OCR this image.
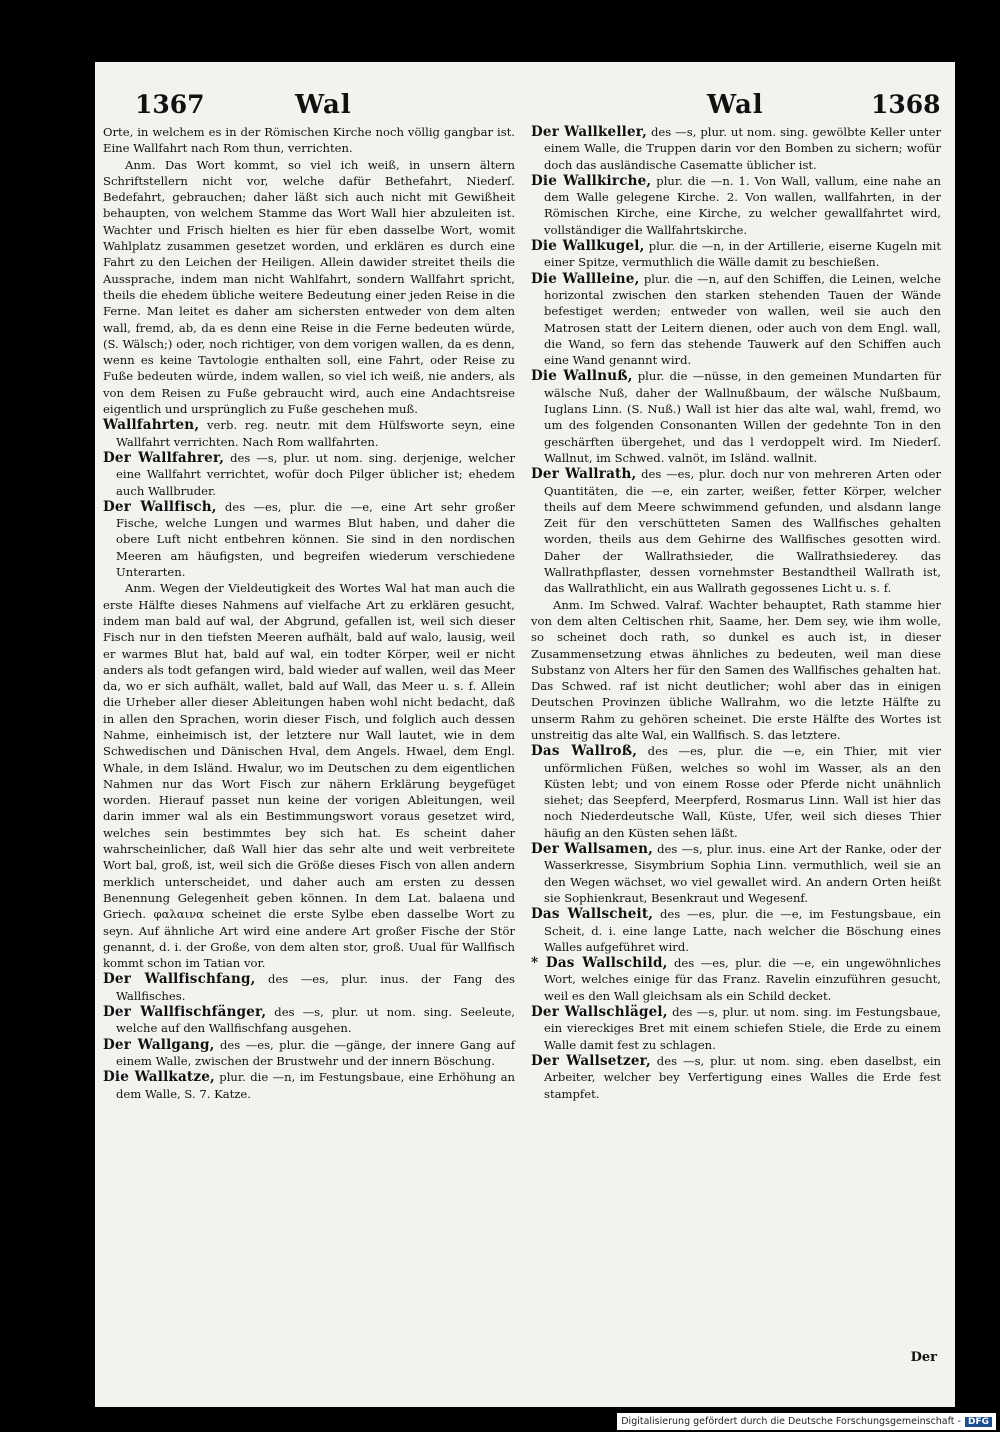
1367	Wal	Wal	1368

Orte, in welchem es in der Römischen Kirche noch völlig gangbar ist. Eine Wallfahrt nach Rom thun, verrichten.

Anm. Das Wort kommt, so viel ich weiß, in unsern ältern Schriftstellern nicht vor, welche dafür Bethefahrt, Niederſ. Bedefahrt, gebrauchen; daher läßt sich auch nicht mit Gewißheit behaupten, von welchem Stamme das Wort Wall hier abzuleiten ist. Wachter und Frisch hielten es hier für eben dasselbe Wort, womit Wahlplatz zusammen gesetzet worden, und erklären es durch eine Fahrt zu den Leichen der Heiligen. Allein dawider streitet theils die Aussprache, indem man nicht Wahlfahrt, sondern Wallfahrt spricht, theils die ehedem übliche weitere Bedeutung einer jeden Reise in die Ferne. Man leitet es daher am sichersten entweder von dem alten wall, fremd, ab, da es denn eine Reise in die Ferne bedeuten würde, (S. Wälsch;) oder, noch richtiger, von dem vorigen wallen, da es denn, wenn es keine Tavtologie enthalten soll, eine Fahrt, oder Reise zu Fuße bedeuten würde, indem wallen, so viel ich weiß, nie anders, als von dem Reisen zu Fuße gebraucht wird, auch eine Andachtsreise eigentlich und ursprünglich zu Fuße geschehen muß.

Wallfahrten, verb. reg. neutr. mit dem Hülfsworte seyn, eine Wallfahrt verrichten. Nach Rom wallfahrten.

Der Wallfahrer, des —s, plur. ut nom. sing. derjenige, welcher eine Wallfahrt verrichtet, wofür doch Pilger üblicher ist; ehedem auch Wallbruder.

Der Wallfisch, des —es, plur. die —e, eine Art sehr großer Fische, welche Lungen und warmes Blut haben, und daher die obere Luft nicht entbehren können. Sie sind in den nordischen Meeren am häufigsten, und begreifen wiederum verschiedene Unterarten.

Anm. Wegen der Vieldeutigkeit des Wortes Wal hat man auch die erste Hälfte dieses Nahmens auf vielfache Art zu erklären gesucht, indem man bald auf wal, der Abgrund, gefallen ist, weil sich dieser Fisch nur in den tiefsten Meeren aufhält, bald auf walo, lausig, weil er warmes Blut hat, bald auf wal, ein todter Körper, weil er nicht anders als todt gefangen wird, bald wieder auf wallen, weil das Meer da, wo er sich aufhält, wallet, bald auf Wall, das Meer u. s. f. Allein die Urheber aller dieser Ableitungen haben wohl nicht bedacht, daß in allen den Sprachen, worin dieser Fisch, und folglich auch dessen Nahme, einheimisch ist, der letztere nur Wall lautet, wie in dem Schwedischen und Dänischen Hval, dem Angels. Hwael, dem Engl. Whale, in dem Isländ. Hwalur, wo im Deutschen zu dem eigentlichen Nahmen nur das Wort Fisch zur nähern Erklärung beygefüget worden. Hierauf passet nun keine der vorigen Ableitungen, weil darin immer wal als ein Bestimmungswort voraus gesetzet wird, welches sein bestimmtes bey sich hat. Es scheint daher wahrscheinlicher, daß Wall hier das sehr alte und weit verbreitete Wort bal, groß, ist, weil sich die Größe dieses Fisch von allen andern merklich unterscheidet, und daher auch am ersten zu dessen Benennung Gelegenheit geben können. In dem Lat. balaena und Griech. φαλαινα scheinet die erste Sylbe eben dasselbe Wort zu seyn. Auf ähnliche Art wird eine andere Art großer Fische der Stör genannt, d. i. der Große, von dem alten stor, groß. Uual für Wallfisch kommt schon im Tatian vor.

Der Wallfischfang, des —es, plur. inus. der Fang des Wallfisches.

Der Wallfischfänger, des —s, plur. ut nom. sing. Seeleute, welche auf den Wallfischfang ausgehen.

Der Wallgang, des —es, plur. die —gänge, der innere Gang auf einem Walle, zwischen der Brustwehr und der innern Böschung.

Die Wallkatze, plur. die —n, im Festungsbaue, eine Erhöhung an dem Walle, S. 7. Katze.

Der Wallkeller, des —s, plur. ut nom. sing. gewölbte Keller unter einem Walle, die Truppen darin vor den Bomben zu sichern; wofür doch das ausländische Casematte üblicher ist.

Die Wallkirche, plur. die —n. 1. Von Wall, vallum, eine nahe an dem Walle gelegene Kirche. 2. Von wallen, wallfahrten, in der Römischen Kirche, eine Kirche, zu welcher gewallfahrtet wird, vollständiger die Wallfahrtskirche.

Die Wallkugel, plur. die —n, in der Artillerie, eiserne Kugeln mit einer Spitze, vermuthlich die Wälle damit zu beschießen.

Die Wallleine, plur. die —n, auf den Schiffen, die Leinen, welche horizontal zwischen den starken stehenden Tauen der Wände befestiget werden; entweder von wallen, weil sie auch den Matrosen statt der Leitern dienen, oder auch von dem Engl. wall, die Wand, so fern das stehende Tauwerk auf den Schiffen auch eine Wand genannt wird.

Die Wallnuß, plur. die —nüsse, in den gemeinen Mundarten für wälsche Nuß, daher der Wallnußbaum, der wälsche Nußbaum, Iuglans Linn. (S. Nuß.) Wall ist hier das alte wal, wahl, fremd, wo um des folgenden Consonanten Willen der gedehnte Ton in den geschärften übergehet, und das l verdoppelt wird. Im Niederſ. Wallnut, im Schwed. valnöt, im Isländ. wallnit.

Der Wallrath, des —es, plur. doch nur von mehreren Arten oder Quantitäten, die —e, ein zarter, weißer, fetter Körper, welcher theils auf dem Meere schwimmend gefunden, und alsdann lange Zeit für den verschütteten Samen des Wallfisches gehalten worden, theils aus dem Gehirne des Wallfisches gesotten wird. Daher der Wallrathsieder, die Wallrathsiederey. das Wallrathpflaster, dessen vornehmster Bestandtheil Wallrath ist, das Wallrathlicht, ein aus Wallrath gegossenes Licht u. s. f.

Anm. Im Schwed. Valraf. Wachter behauptet, Rath stamme hier von dem alten Celtischen rhit, Saame, her. Dem sey, wie ihm wolle, so scheinet doch rath, so dunkel es auch ist, in dieser Zusammensetzung etwas ähnliches zu bedeuten, weil man diese Substanz von Alters her für den Samen des Wallfisches gehalten hat. Das Schwed. raf ist nicht deutlicher; wohl aber das in einigen Deutschen Provinzen übliche Wallrahm, wo die letzte Hälfte zu unserm Rahm zu gehören scheinet. Die erste Hälfte des Wortes ist unstreitig das alte Wal, ein Wallfisch. S. das letztere.

Das Wallroß, des —es, plur. die —e, ein Thier, mit vier unförmlichen Füßen, welches so wohl im Wasser, als an den Küsten lebt; und von einem Rosse oder Pferde nicht unähnlich siehet; das Seepferd, Meerpferd, Rosmarus Linn. Wall ist hier das noch Niederdeutsche Wall, Küste, Ufer, weil sich dieses Thier häufig an den Küsten sehen läßt.

Der Wallsamen, des —s, plur. inus. eine Art der Ranke, oder der Wasserkresse, Sisymbrium Sophia Linn. vermuthlich, weil sie an den Wegen wächset, wo viel gewallet wird. An andern Orten heißt sie Sophienkraut, Besenkraut und Wegesenf.

Das Wallscheit, des —es, plur. die —e, im Festungsbaue, ein Scheit, d. i. eine lange Latte, nach welcher die Böschung eines Walles aufgeführet wird.

* Das Wallschild, des —es, plur. die —e, ein ungewöhnliches Wort, welches einige für das Franz. Ravelin einzuführen gesucht, weil es den Wall gleichsam als ein Schild decket.

Der Wallschlägel, des —s, plur. ut nom. sing. im Festungsbaue, ein viereckiges Bret mit einem schiefen Stiele, die Erde zu einem Walle damit fest zu schlagen.

Der Wallsetzer, des —s, plur. ut nom. sing. eben daselbst, ein Arbeiter, welcher bey Verfertigung eines Walles die Erde fest stampfet.

Der
Digitalisierung gefördert durch die Deutsche Forschungsgemeinschaft - DFG
